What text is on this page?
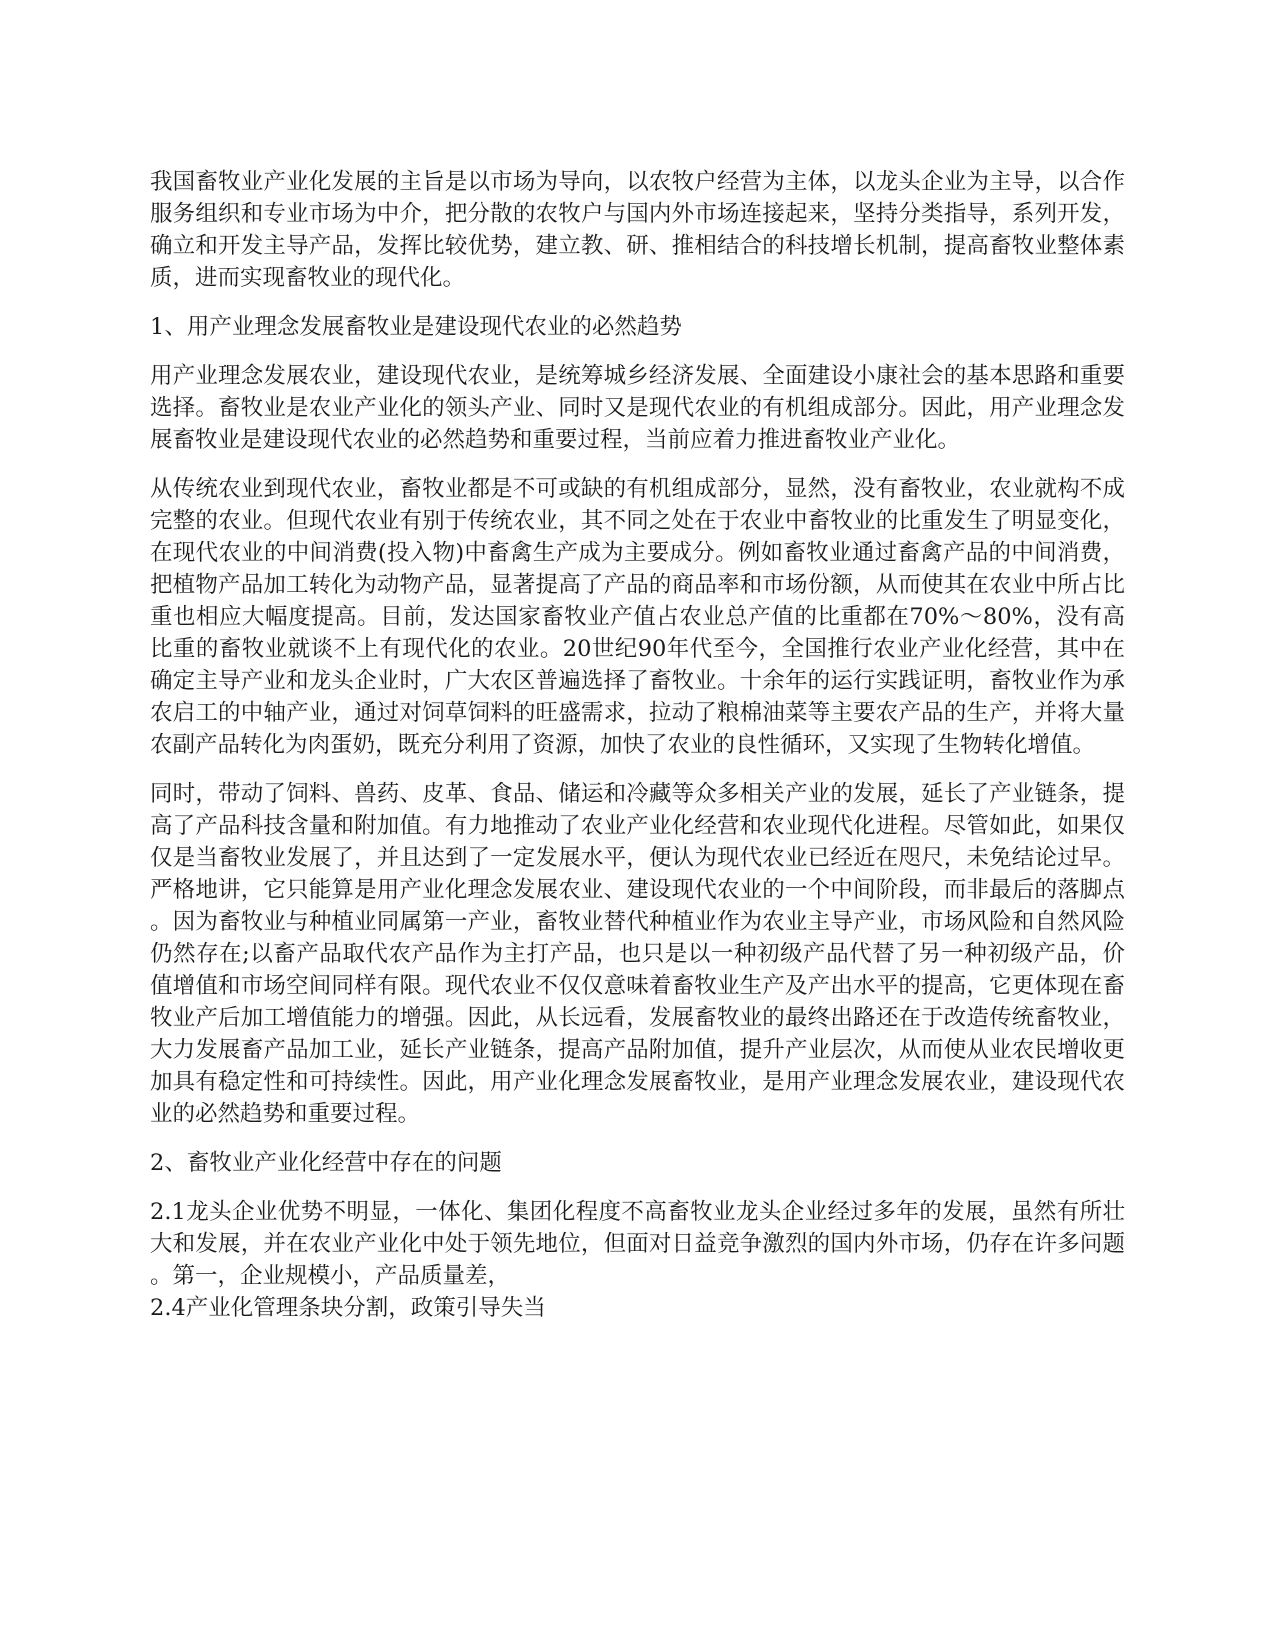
我国畜牧业产业化发展的主旨是以市场为导向，以农牧户经营为主体，以龙头企业为主导，以合作服务组织和专业市场为中介，把分散的农牧户与国内外市场连接起来，坚持分类指导，系列开发，确立和开发主导产品，发挥比较优势，建立教、研、推相结合的科技增长机制，提高畜牧业整体素质，进而实现畜牧业的现代化。

1、用产业理念发展畜牧业是建设现代农业的必然趋势

用产业理念发展农业，建设现代农业，是统筹城乡经济发展、全面建设小康社会的基本思路和重要选择。畜牧业是农业产业化的领头产业、同时又是现代农业的有机组成部分。因此，用产业理念发展畜牧业是建设现代农业的必然趋势和重要过程，当前应着力推进畜牧业产业化。

从传统农业到现代农业，畜牧业都是不可或缺的有机组成部分，显然，没有畜牧业，农业就构不成完整的农业。但现代农业有别于传统农业，其不同之处在于农业中畜牧业的比重发生了明显变化，在现代农业的中间消费(投入物)中畜禽生产成为主要成分。例如畜牧业通过畜禽产品的中间消费，把植物产品加工转化为动物产品，显著提高了产品的商品率和市场份额，从而使其在农业中所占比重也相应大幅度提高。目前，发达国家畜牧业产值占农业总产值的比重都在70%～80%，没有高比重的畜牧业就谈不上有现代化的农业。20世纪90年代至今，全国推行农业产业化经营，其中在确定主导产业和龙头企业时，广大农区普遍选择了畜牧业。十余年的运行实践证明，畜牧业作为承农启工的中轴产业，通过对饲草饲料的旺盛需求，拉动了粮棉油菜等主要农产品的生产，并将大量农副产品转化为肉蛋奶，既充分利用了资源，加快了农业的良性循环，又实现了生物转化增值。

同时，带动了饲料、兽药、皮革、食品、储运和冷藏等众多相关产业的发展，延长了产业链条，提高了产品科技含量和附加值。有力地推动了农业产业化经营和农业现代化进程。尽管如此，如果仅仅是当畜牧业发展了，并且达到了一定发展水平，便认为现代农业已经近在咫尺，未免结论过早。严格地讲，它只能算是用产业化理念发展农业、建设现代农业的一个中间阶段，而非最后的落脚点。因为畜牧业与种植业同属第一产业，畜牧业替代种植业作为农业主导产业，市场风险和自然风险仍然存在;以畜产品取代农产品作为主打产品，也只是以一种初级产品代替了另一种初级产品，价值增值和市场空间同样有限。现代农业不仅仅意味着畜牧业生产及产出水平的提高，它更体现在畜牧业产后加工增值能力的增强。因此，从长远看，发展畜牧业的最终出路还在于改造传统畜牧业，大力发展畜产品加工业，延长产业链条，提高产品附加值，提升产业层次，从而使从业农民增收更加具有稳定性和可持续性。因此，用产业化理念发展畜牧业，是用产业理念发展农业，建设现代农业的必然趋势和重要过程。

2、畜牧业产业化经营中存在的问题

2.1龙头企业优势不明显，一体化、集团化程度不高畜牧业龙头企业经过多年的发展，虽然有所壮大和发展，并在农业产业化中处于领先地位，但面对日益竞争激烈的国内外市场，仍存在许多问题。第一，企业规模小，产品质量差，

2.4产业化管理条块分割，政策引导失当
